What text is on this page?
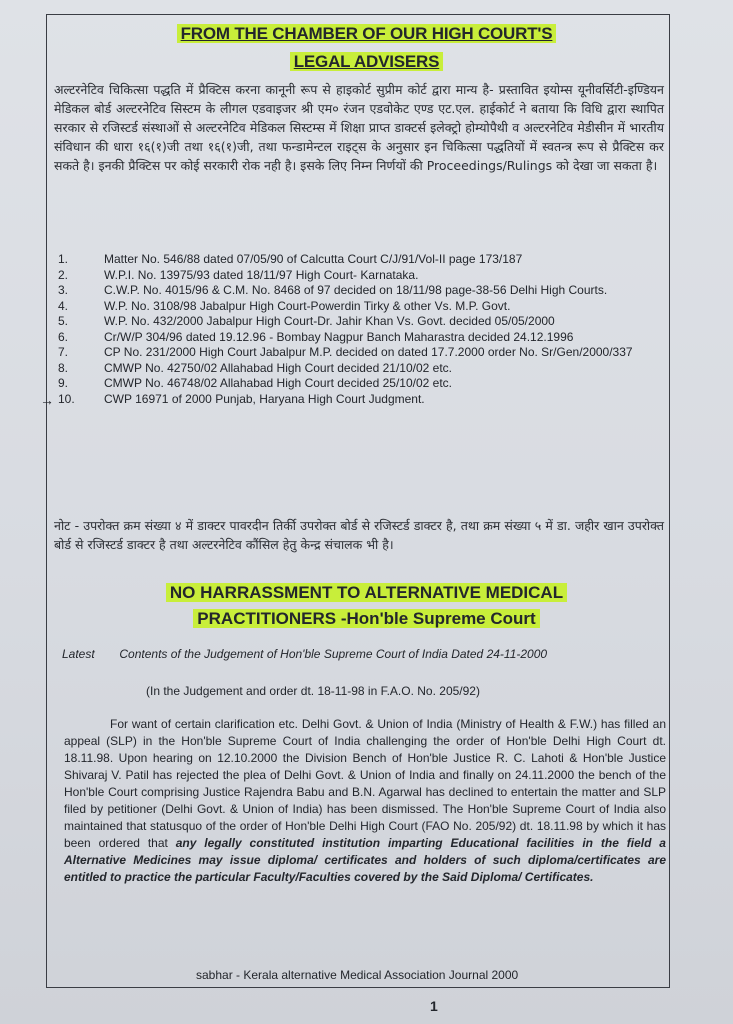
FROM THE CHAMBER OF OUR HIGH COURT'S
LEGAL ADVISERS
अल्टरनेटिव चिकित्सा पद्धति में प्रैक्टिस करना कानूनी रूप से हाइकोर्ट सुप्रीम कोर्ट द्वारा मान्य है- प्रस्तावित इयोम्स यूनीवर्सिटी-इण्डियन मेडिकल बोर्ड अल्टरनेटिव सिस्टम के लीगल एडवाइजर श्री एम० रंजन एडवोकेट एण्ड एट.एल. हाईकोर्ट ने बताया कि विधि द्वारा स्थापित सरकार से रजिस्टर्ड संस्थाओं से अल्टरनेटिव मेडिकल सिस्टम्स में शिक्षा प्राप्त डाक्टर्स इलेक्ट्रो होम्योपैथी व अल्टरनेटिव मेडीसीन में भारतीय संविधान की धारा १६(१)जी तथा १६(१)जी, तथा फन्डामेन्टल राइट्स के अनुसार इन चिकित्सा पद्धतियों में स्वतन्त्र रूप से प्रैक्टिस कर सकते है। इनकी प्रैक्टिस पर कोई सरकारी रोक नही है। इसके लिए निम्न निर्णयों की Proceedings/Rulings को देखा जा सकता है।
→
1.	Matter No. 546/88 dated 07/05/90 of Calcutta Court C/J/91/Vol-II page 173/187
2.	W.P.I. No. 13975/93 dated 18/11/97 High Court- Karnataka.
3.	C.W.P. No. 4015/96 & C.M. No. 8468 of 97 decided on 18/11/98 page-38-56 Delhi High Courts.
4.	W.P. No. 3108/98 Jabalpur High Court-Powerdin Tirky & other Vs. M.P. Govt.
5.	W.P. No. 432/2000 Jabalpur High Court-Dr. Jahir Khan Vs. Govt. decided 05/05/2000
6.	Cr/W/P 304/96 dated 19.12.96 - Bombay Nagpur Banch Maharastra decided 24.12.1996
7.	CP No. 231/2000 High Court Jabalpur M.P. decided on dated 17.7.2000 order No. Sr/Gen/2000/337
8.	CMWP No. 42750/02 Allahabad High Court decided 21/10/02 etc.
9.	CMWP No. 46748/02 Allahabad High Court decided 25/10/02 etc.
10.	CWP 16971 of 2000 Punjab, Haryana High Court Judgment.
नोट - उपरोक्त क्रम संख्या ४ में डाक्टर पावरदीन तिर्की उपरोक्त बोर्ड से रजिस्टर्ड डाक्टर है, तथा क्रम संख्या ५ में डा. जहीर खान उपरोक्त बोर्ड से रजिस्टर्ड डाक्टर है तथा अल्टरनेटिव कौंसिल हेतु केन्द्र संचालक भी है।
NO HARRASSMENT TO ALTERNATIVE MEDICAL
PRACTITIONERS -Hon'ble Supreme Court
Latest Contents of the Judgement of Hon'ble Supreme Court of India Dated 24-11-2000
(In the Judgement and order dt. 18-11-98 in F.A.O. No. 205/92)
For want of certain clarification etc. Delhi Govt. & Union of India (Ministry of Health & F.W.) has filled an appeal (SLP) in the Hon'ble Supreme Court of India challenging the order of Hon'ble Delhi High Court dt. 18.11.98. Upon hearing on 12.10.2000 the Division Bench of Hon'ble Justice R. C. Lahoti & Hon'ble Justice Shivaraj V. Patil has rejected the plea of Delhi Govt. & Union of India and finally on 24.11.2000 the bench of the Hon'ble Court comprising Justice Rajendra Babu and B.N. Agarwal has declined to entertain the matter and SLP filed by petitioner (Delhi Govt. & Union of India) has been dismissed. The Hon'ble Supreme Court of India also maintained that statusquo of the order of Hon'ble Delhi High Court (FAO No. 205/92) dt. 18.11.98 by which it has been ordered that any legally constituted institution imparting Educational facilities in the field a Alternative Medicines may issue diploma/ certificates and holders of such diploma/certificates are entitled to practice the particular Faculty/Faculties covered by the Said Diploma/ Certificates.
sabhar - Kerala alternative Medical Association Journal 2000
1
